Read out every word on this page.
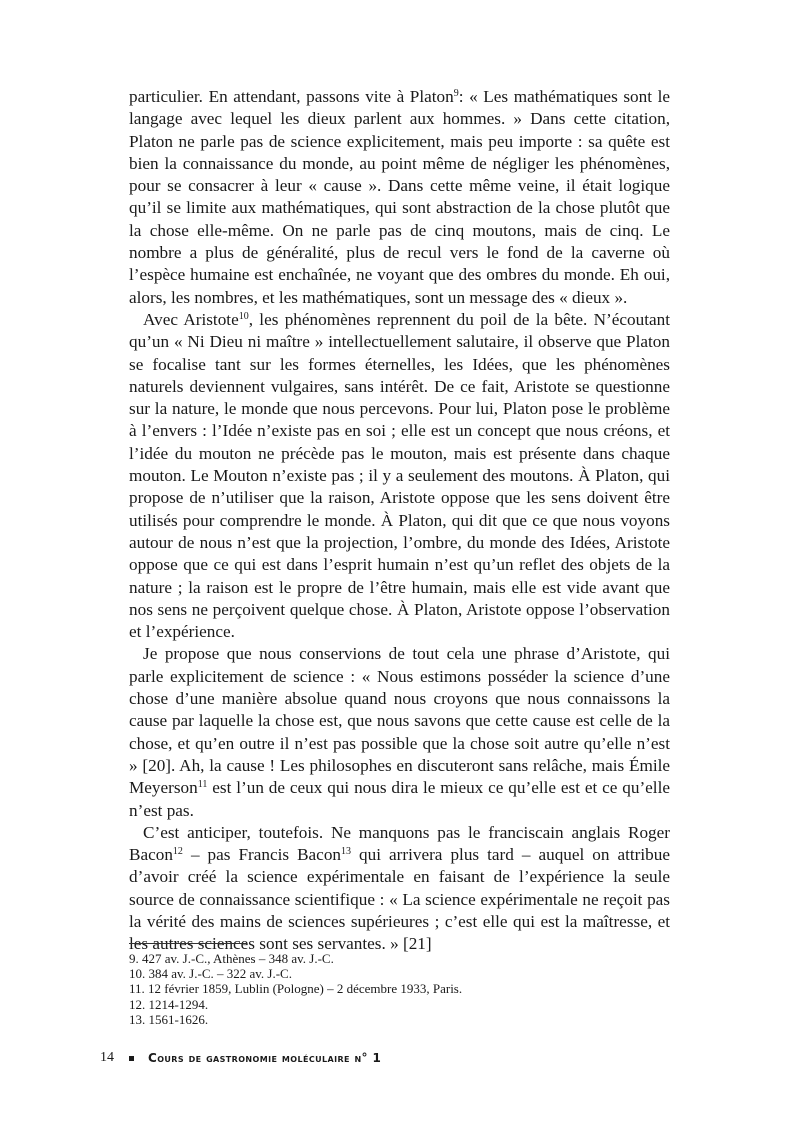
particulier. En attendant, passons vite à Platon$^9$: « Les mathématiques sont le langage avec lequel les dieux parlent aux hommes. » Dans cette citation, Platon ne parle pas de science explicitement, mais peu importe : sa quête est bien la connaissance du monde, au point même de négliger les phénomènes, pour se consacrer à leur « cause ». Dans cette même veine, il était logique qu’il se limite aux mathématiques, qui sont abstraction de la chose plutôt que la chose elle-même. On ne parle pas de cinq moutons, mais de cinq. Le nombre a plus de généralité, plus de recul vers le fond de la caverne où l’espèce humaine est enchaînée, ne voyant que des ombres du monde. Eh oui, alors, les nombres, et les mathématiques, sont un message des « dieux ».

Avec Aristote$^{10}$, les phénomènes reprennent du poil de la bête. N’écoutant qu’un « Ni Dieu ni maître » intellectuellement salutaire, il observe que Platon se focalise tant sur les formes éternelles, les Idées, que les phénomènes naturels deviennent vulgaires, sans intérêt. De ce fait, Aristote se questionne sur la nature, le monde que nous percevons. Pour lui, Platon pose le problème à l’envers : l’Idée n’existe pas en soi ; elle est un concept que nous créons, et l’idée du mouton ne précède pas le mouton, mais est présente dans chaque mouton. Le Mouton n’existe pas ; il y a seulement des moutons. À Platon, qui propose de n’utiliser que la raison, Aristote oppose que les sens doivent être utilisés pour comprendre le monde. À Platon, qui dit que ce que nous voyons autour de nous n’est que la projection, l’ombre, du monde des Idées, Aristote oppose que ce qui est dans l’esprit humain n’est qu’un reflet des objets de la nature ; la raison est le propre de l’être humain, mais elle est vide avant que nos sens ne perçoivent quelque chose. À Platon, Aristote oppose l’observation et l’expérience.

Je propose que nous conservions de tout cela une phrase d’Aristote, qui parle explicitement de science : « Nous estimons posséder la science d’une chose d’une manière absolue quand nous croyons que nous connaissons la cause par laquelle la chose est, que nous savons que cette cause est celle de la chose, et qu’en outre il n’est pas possible que la chose soit autre qu’elle n’est » [20]. Ah, la cause ! Les philosophes en discuteront sans relâche, mais Émile Meyerson$^{11}$ est l’un de ceux qui nous dira le mieux ce qu’elle est et ce qu’elle n’est pas.

C’est anticiper, toutefois. Ne manquons pas le franciscain anglais Roger Bacon$^{12}$ – pas Francis Bacon$^{13}$ qui arrivera plus tard – auquel on attribue d’avoir créé la science expérimentale en faisant de l’expérience la seule source de connaissance scientifique : « La science expérimentale ne reçoit pas la vérité des mains de sciences supérieures ; c’est elle qui est la maîtresse, et les autres sciences sont ses servantes. » [21]

9. 427 av. J.-C., Athènes – 348 av. J.-C.
10. 384 av. J.-C. – 322 av. J.-C.
11. 12 février 1859, Lublin (Pologne) – 2 décembre 1933, Paris.
12. 1214-1294.
13. 1561-1626.
14	Cours de gastronomie moléculaire n° 1
